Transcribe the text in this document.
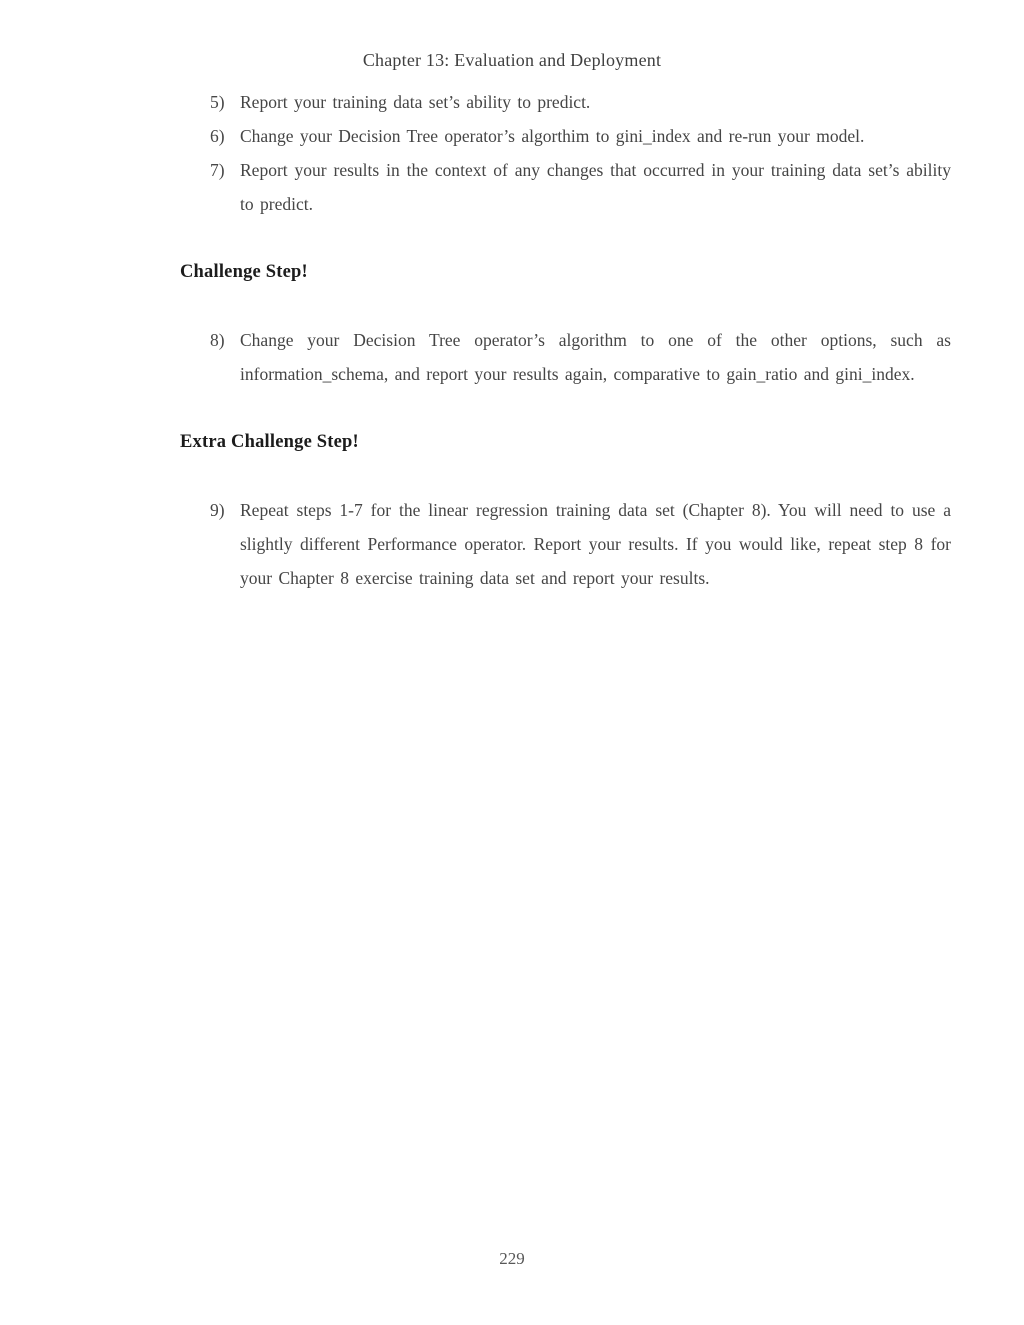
Chapter 13: Evaluation and Deployment
5) Report your training data set’s ability to predict.
6) Change your Decision Tree operator’s algorthim to gini_index and re-run your model.
7) Report your results in the context of any changes that occurred in your training data set’s ability to predict.
Challenge Step!
8) Change your Decision Tree operator’s algorithm to one of the other options, such as information_schema, and report your results again, comparative to gain_ratio and gini_index.
Extra Challenge Step!
9) Repeat steps 1-7 for the linear regression training data set (Chapter 8). You will need to use a slightly different Performance operator. Report your results. If you would like, repeat step 8 for your Chapter 8 exercise training data set and report your results.
229
